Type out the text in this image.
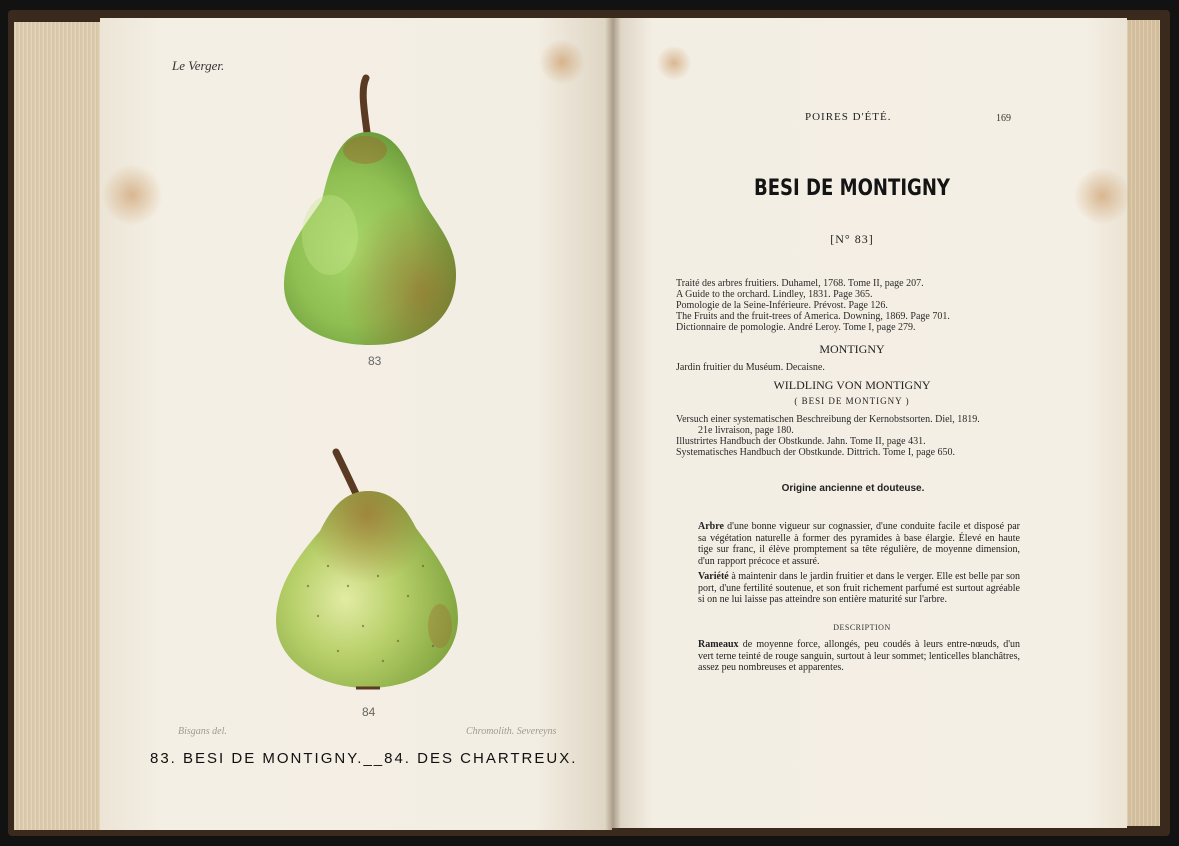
Le Verger.
83
84
Bisgans del.	Chromolith. Severeyns
83. BESI DE MONTIGNY.__84. DES CHARTREUX.
POIRES D'ÉTÉ.	169
BESI DE MONTIGNY
[N° 83]
Traité des arbres fruitiers. Duhamel, 1768. Tome II, page 207.
A Guide to the orchard. Lindley, 1831. Page 365.
Pomologie de la Seine-Inférieure. Prévost. Page 126.
The Fruits and the fruit-trees of America. Downing, 1869. Page 701.
Dictionnaire de pomologie. André Leroy. Tome I, page 279.
MONTIGNY
Jardin fruitier du Muséum. Decaisne.
WILDLING VON MONTIGNY
( BESI DE MONTIGNY )
Versuch einer systematischen Beschreibung der Kernobstsorten. Diel, 1819.
21e livraison, page 180.
Illustrirtes Handbuch der Obstkunde. Jahn. Tome II, page 431.
Systematisches Handbuch der Obstkunde. Dittrich. Tome I, page 650.
Origine ancienne et douteuse.
Arbre d'une bonne vigueur sur cognassier, d'une conduite facile et disposé par sa végétation naturelle à former des pyramides à base élargie. Élevé en haute tige sur franc, il élève promptement sa tête régulière, de moyenne dimension, d'un rapport précoce et assuré.
Variété à maintenir dans le jardin fruitier et dans le verger. Elle est belle par son port, d'une fertilité soutenue, et son fruit richement parfumé est surtout agréable si on ne lui laisse pas atteindre son entière maturité sur l'arbre.
DESCRIPTION
Rameaux de moyenne force, allongés, peu coudés à leurs entre-nœuds, d'un vert terne teinté de rouge sanguin, surtout à leur sommet; lenticelles blanchâtres, assez peu nombreuses et apparentes.
